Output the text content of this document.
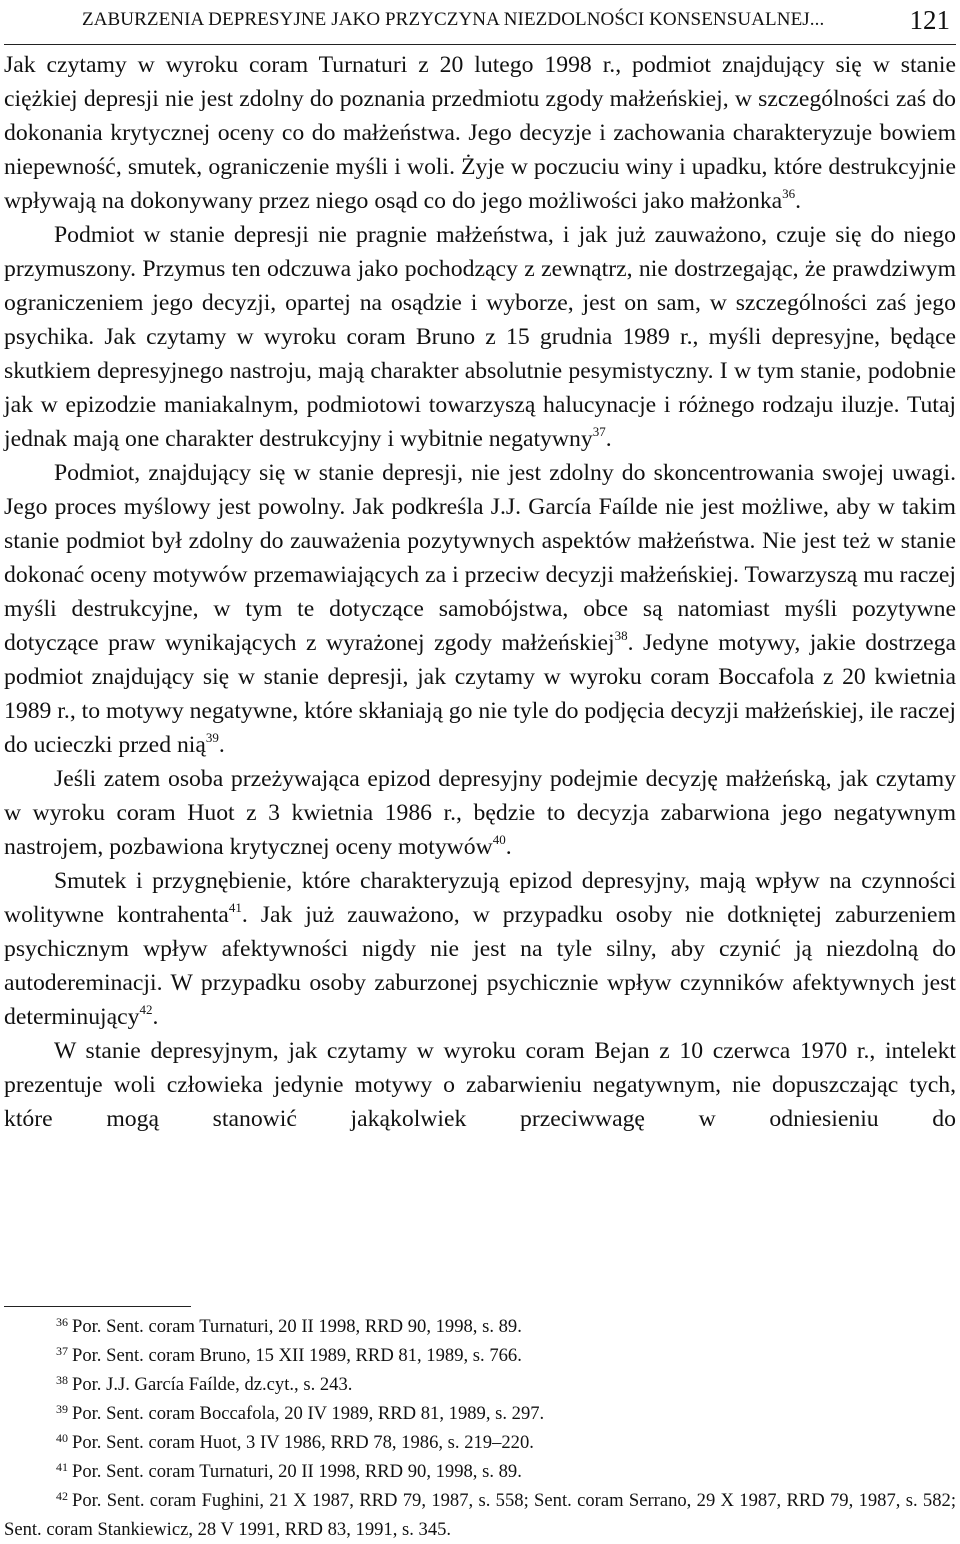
ZABURZENIA DEPRESYJNE JAKO PRZYCZYNA NIEZDOLNOŚCI KONSENSUALNEJ...	121

Jak czytamy w wyroku coram Turnaturi z 20 lutego 1998 r., podmiot znajdujący się w stanie ciężkiej depresji nie jest zdolny do poznania przedmiotu zgody małżeńskiej, w szczególności zaś do dokonania krytycznej oceny co do małżeństwa. Jego decyzje i zachowania charakteryzuje bowiem niepewność, smutek, ograniczenie myśli i woli. Żyje w poczuciu winy i upadku, które destrukcyjnie wpływają na dokonywany przez niego osąd co do jego możliwości jako małżonka$^{36}$.

Podmiot w stanie depresji nie pragnie małżeństwa, i jak już zauważono, czuje się do niego przymuszony. Przymus ten odczuwa jako pochodzący z zewnątrz, nie dostrzegając, że prawdziwym ograniczeniem jego decyzji, opartej na osądzie i wyborze, jest on sam, w szczególności zaś jego psychika. Jak czytamy w wyroku coram Bruno z 15 grudnia 1989 r., myśli depresyjne, będące skutkiem depresyjnego nastroju, mają charakter absolutnie pesymistyczny. I w tym stanie, podobnie jak w epizodzie maniakalnym, podmiotowi towarzyszą halucynacje i różnego rodzaju iluzje. Tutaj jednak mają one charakter destrukcyjny i wybitnie negatywny$^{37}$.

Podmiot, znajdujący się w stanie depresji, nie jest zdolny do skoncentrowania swojej uwagi. Jego proces myślowy jest powolny. Jak podkreśla J.J. García Faílde nie jest możliwe, aby w takim stanie podmiot był zdolny do zauważenia pozytywnych aspektów małżeństwa. Nie jest też w stanie dokonać oceny motywów przemawiających za i przeciw decyzji małżeńskiej. Towarzyszą mu raczej myśli destrukcyjne, w tym te dotyczące samobójstwa, obce są natomiast myśli pozytywne dotyczące praw wynikających z wyrażonej zgody małżeńskiej$^{38}$. Jedyne motywy, jakie dostrzega podmiot znajdujący się w stanie depresji, jak czytamy w wyroku coram Boccafola z 20 kwietnia 1989 r., to motywy negatywne, które skłaniają go nie tyle do podjęcia decyzji małżeńskiej, ile raczej do ucieczki przed nią$^{39}$.

Jeśli zatem osoba przeżywająca epizod depresyjny podejmie decyzję małżeńską, jak czytamy w wyroku coram Huot z 3 kwietnia 1986 r., będzie to decyzja zabarwiona jego negatywnym nastrojem, pozbawiona krytycznej oceny motywów$^{40}$.

Smutek i przygnębienie, które charakteryzują epizod depresyjny, mają wpływ na czynności wolitywne kontrahenta$^{41}$. Jak już zauważono, w przypadku osoby nie dotkniętej zaburzeniem psychicznym wpływ afektywności nigdy nie jest na tyle silny, aby czynić ją niezdolną do autodereminacji. W przypadku osoby zaburzonej psychicznie wpływ czynników afektywnych jest determinujący$^{42}$.

W stanie depresyjnym, jak czytamy w wyroku coram Bejan z 10 czerwca 1970 r., intelekt prezentuje woli człowieka jedynie motywy o zabarwieniu negatywnym, nie dopuszczając tych, które mogą stanowić jakąkolwiek przeciwwagę w odniesieniu do

$^{36}$ Por. Sent. coram Turnaturi, 20 II 1998, RRD 90, 1998, s. 89.

$^{37}$ Por. Sent. coram Bruno, 15 XII 1989, RRD 81, 1989, s. 766.

$^{38}$ Por. J.J. García Faílde, dz.cyt., s. 243.

$^{39}$ Por. Sent. coram Boccafola, 20 IV 1989, RRD 81, 1989, s. 297.

$^{40}$ Por. Sent. coram Huot, 3 IV 1986, RRD 78, 1986, s. 219–220.

$^{41}$ Por. Sent. coram Turnaturi, 20 II 1998, RRD 90, 1998, s. 89.

$^{42}$ Por. Sent. coram Fughini, 21 X 1987, RRD 79, 1987, s. 558; Sent. coram Serrano, 29 X 1987, RRD 79, 1987, s. 582; Sent. coram Stankiewicz, 28 V 1991, RRD 83, 1991, s. 345.
